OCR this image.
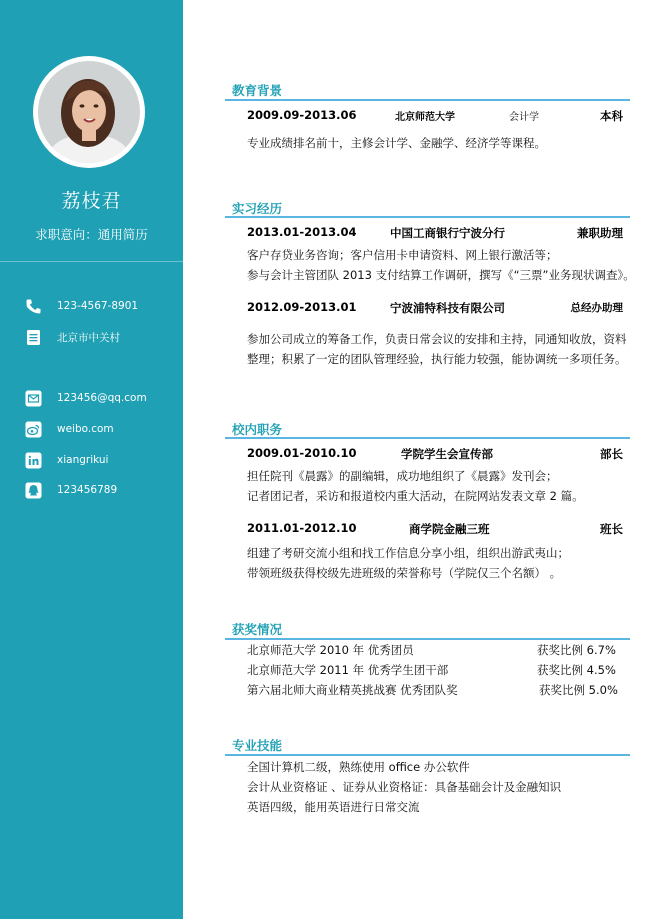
荔枝君
求职意向：通用简历
123-4567-8901
北京市中关村
123456@qq.com
weibo.com
xiangrikui
123456789
教育背景
2009.09-2013.06	北京师范大学	会计学	本科
专业成绩排名前十，主修会计学、金融学、经济学等课程。
实习经历
2013.01-2013.04	中国工商银行宁波分行	兼职助理
客户存贷业务咨询；客户信用卡申请资料、网上银行激活等；
参与会计主管团队 2013 支付结算工作调研，撰写《“三票”业务现状调查》。
2012.09-2013.01	宁波浦特科技有限公司	总经办助理
参加公司成立的筹备工作，负责日常会议的安排和主持，同通知收放，资料
整理；积累了一定的团队管理经验，执行能力较强，能协调统一多项任务。
校内职务
2009.01-2010.10	学院学生会宣传部	部长
担任院刊《晨露》的副编辑，成功地组织了《晨露》发刊会；
记者团记者，采访和报道校内重大活动，在院网站发表文章 2 篇。
2011.01-2012.10	商学院金融三班	班长
组建了考研交流小组和找工作信息分享小组，组织出游武夷山；
带领班级获得校级先进班级的荣誉称号（学院仅三个名额） 。
获奖情况
北京师范大学 2010 年 优秀团员	获奖比例 6.7%
北京师范大学 2011 年 优秀学生团干部	获奖比例 4.5%
第六届北师大商业精英挑战赛 优秀团队奖	获奖比例 5.0%
专业技能
全国计算机二级，熟练使用 office 办公软件
会计从业资格证 、证券从业资格证：具备基础会计及金融知识
英语四级，能用英语进行日常交流
